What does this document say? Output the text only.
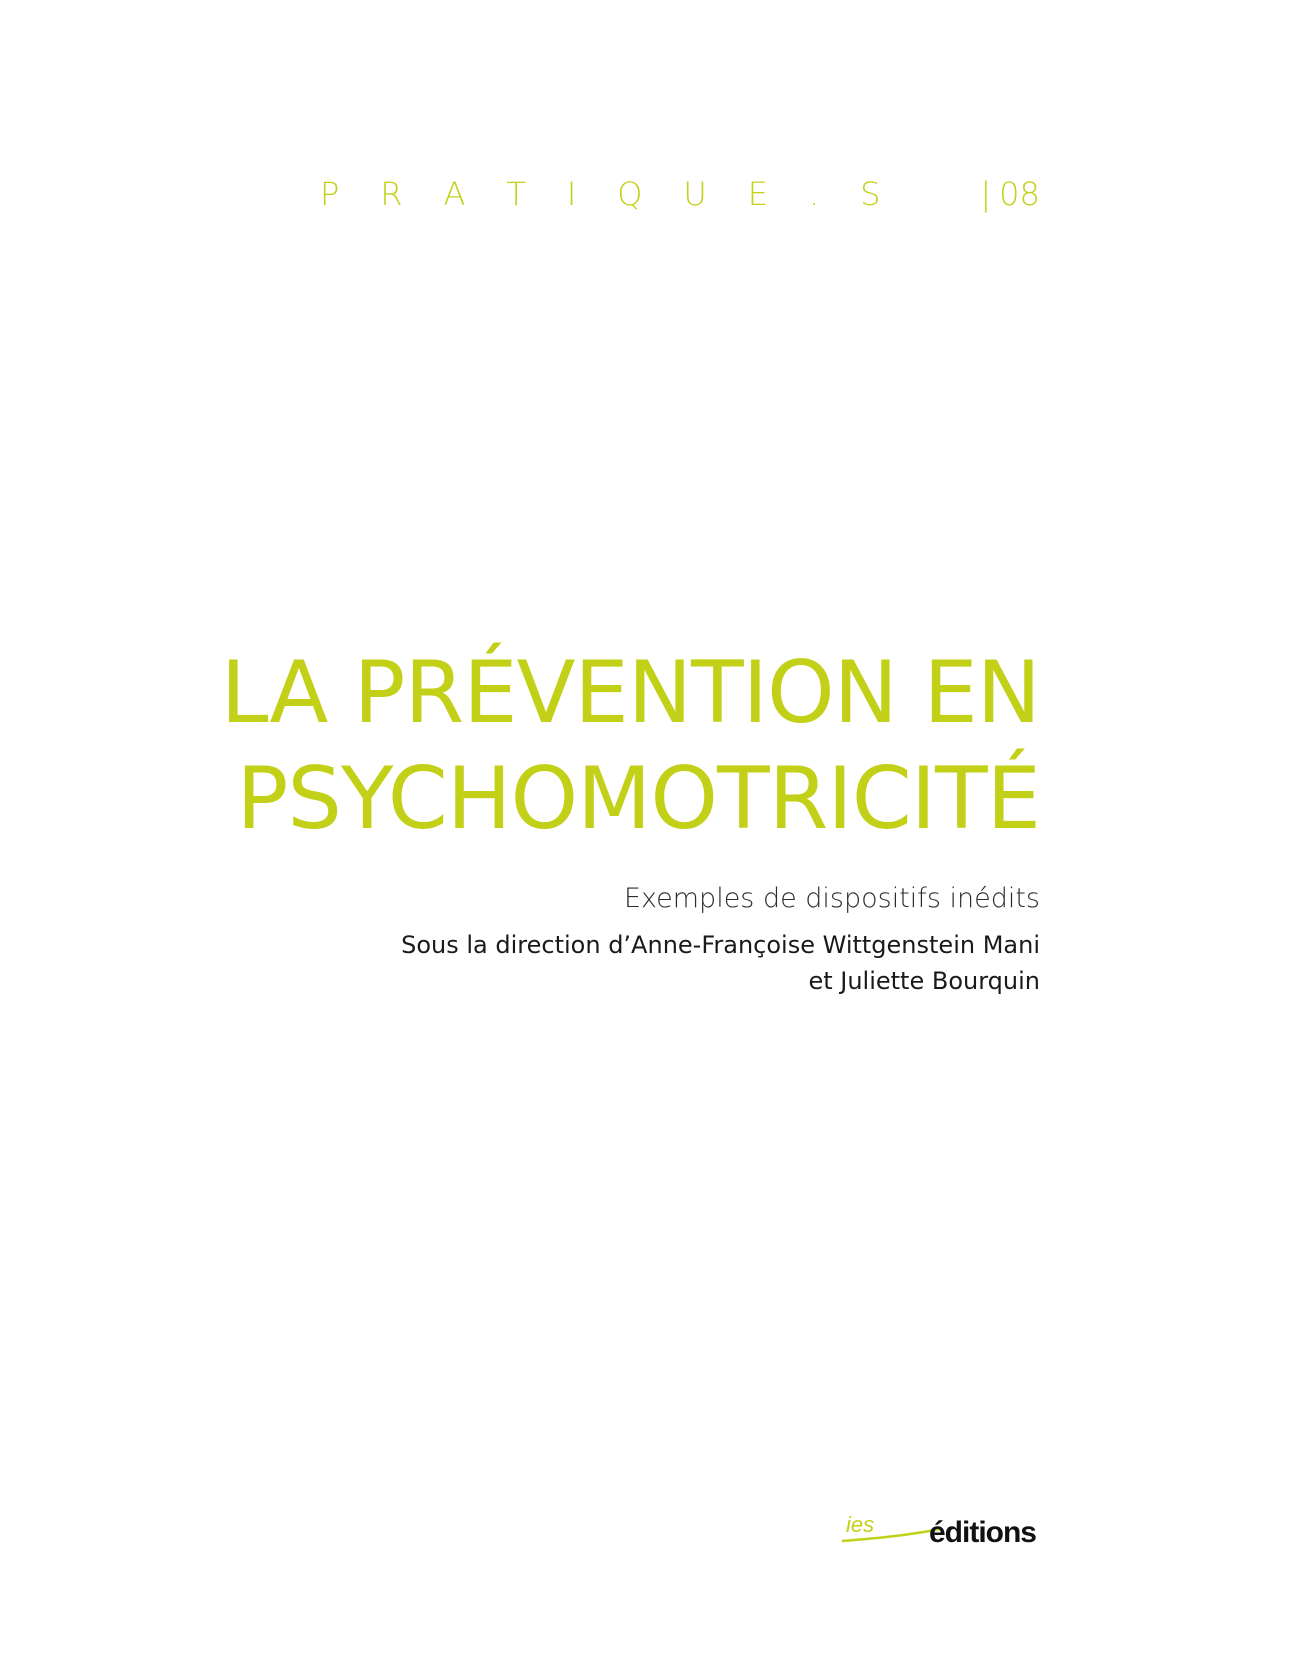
P R A T I Q U E . S	| 08
LA PRÉVENTION EN
PSYCHOMOTRICITÉ
Exemples de dispositifs inédits
Sous la direction d’Anne-Françoise Wittgenstein Mani
et Juliette Bourquin
ies éditions
